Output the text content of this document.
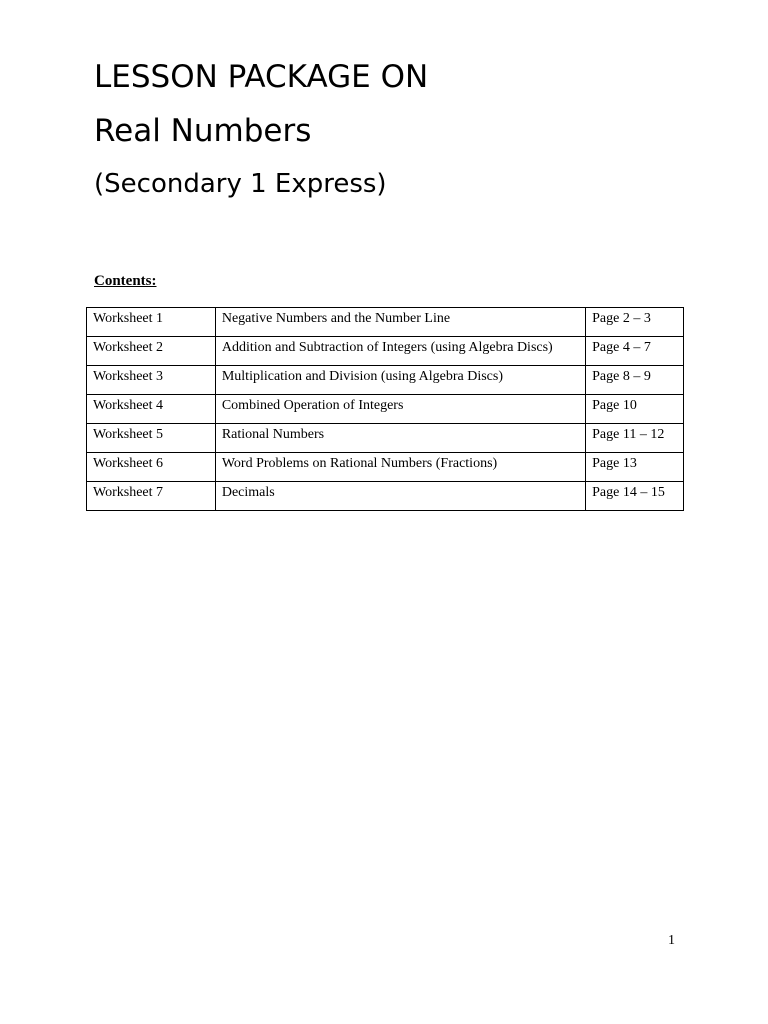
LESSON PACKAGE ON
Real Numbers
(Secondary 1 Express)

Contents:

Worksheet 1	Negative Numbers and the Number Line	Page 2 – 3
Worksheet 2	Addition and Subtraction of Integers (using Algebra Discs)	Page 4 – 7
Worksheet 3	Multiplication and Division (using Algebra Discs)	Page 8 – 9
Worksheet 4	Combined Operation of Integers	Page 10
Worksheet 5	Rational Numbers	Page 11 – 12
Worksheet 6	Word Problems on Rational Numbers (Fractions)	Page 13
Worksheet 7	Decimals	Page 14 – 15
1
